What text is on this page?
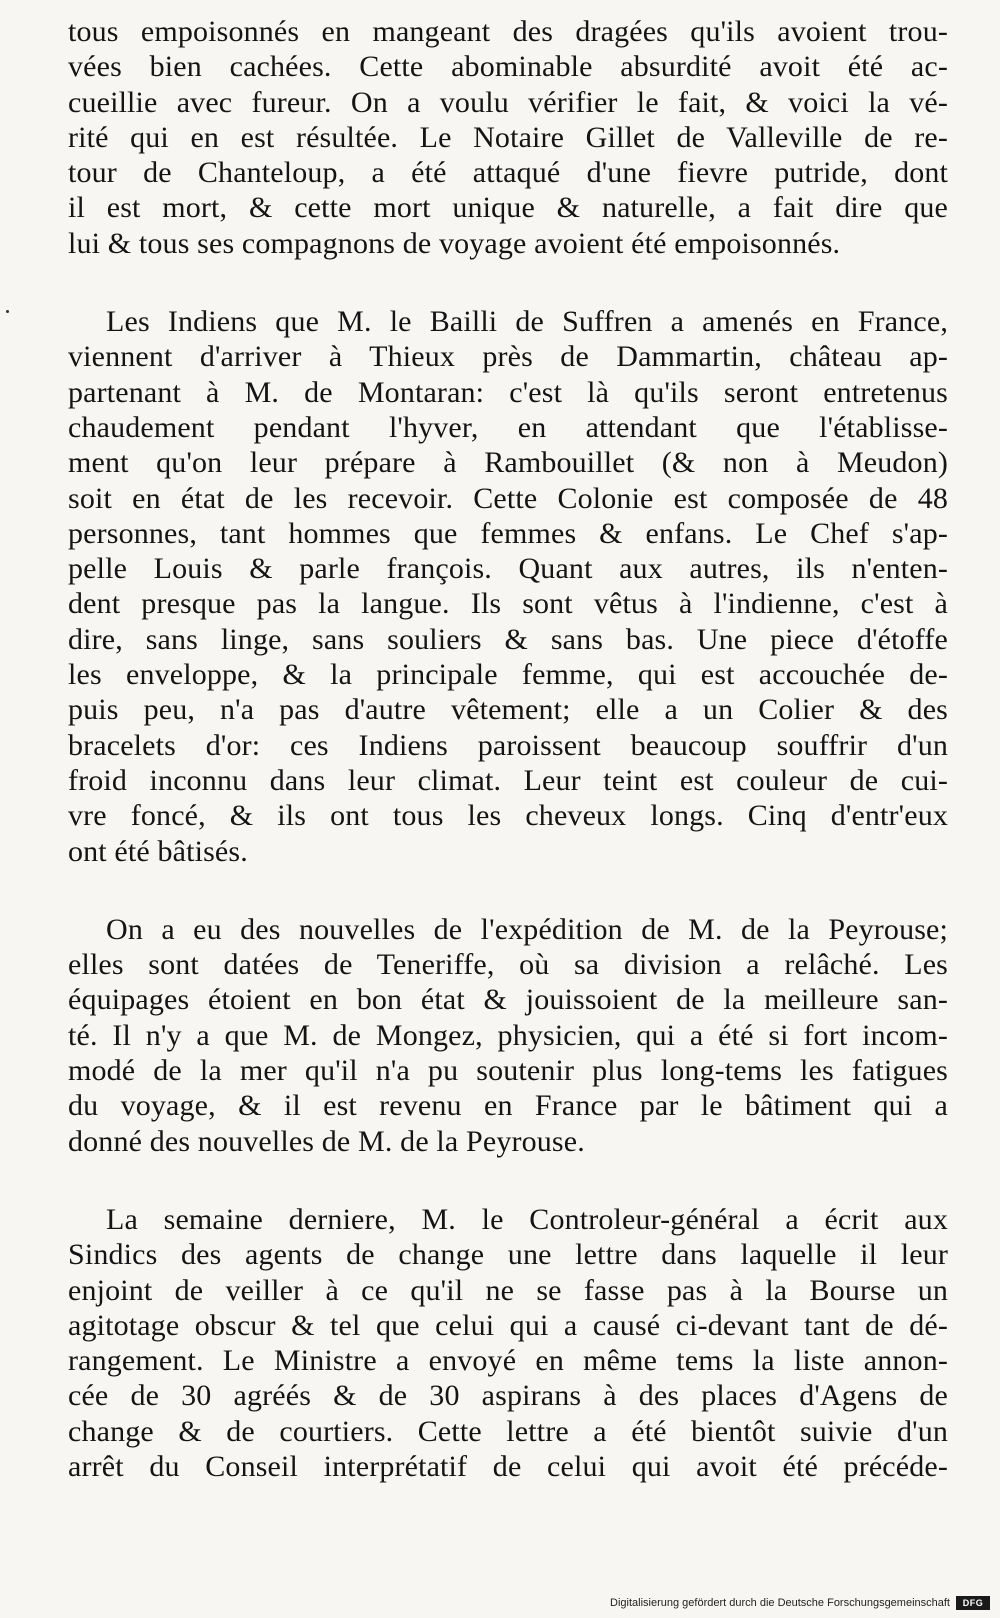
tous empoisonnés en mangeant des dragées qu'ils avoient trou-
vées bien cachées. Cette abominable absurdité avoit été ac-
cueillie avec fureur. On a voulu vérifier le fait, & voici la vé-
rité qui en est résultée. Le Notaire Gillet de Valleville de re-
tour de Chanteloup, a été attaqué d'une fievre putride, dont
il est mort, & cette mort unique & naturelle, a fait dire que
lui & tous ses compagnons de voyage avoient été empoisonnés.
Les Indiens que M. le Bailli de Suffren a amenés en France,
viennent d'arriver à Thieux près de Dammartin, château ap-
partenant à M. de Montaran: c'est là qu'ils seront entretenus
chaudement pendant l'hyver, en attendant que l'établisse-
ment qu'on leur prépare à Rambouillet (& non à Meudon)
soit en état de les recevoir. Cette Colonie est composée de 48
personnes, tant hommes que femmes & enfans. Le Chef s'ap-
pelle Louis & parle françois. Quant aux autres, ils n'enten-
dent presque pas la langue. Ils sont vêtus à l'indienne, c'est à
dire, sans linge, sans souliers & sans bas. Une piece d'étoffe
les enveloppe, & la principale femme, qui est accouchée de-
puis peu, n'a pas d'autre vêtement; elle a un Colier & des
bracelets d'or: ces Indiens paroissent beaucoup souffrir d'un
froid inconnu dans leur climat. Leur teint est couleur de cui-
vre foncé, & ils ont tous les cheveux longs. Cinq d'entr'eux
ont été bâtisés.
On a eu des nouvelles de l'expédition de M. de la Peyrouse;
elles sont datées de Teneriffe, où sa division a relâché. Les
équipages étoient en bon état & jouissoient de la meilleure san-
té. Il n'y a que M. de Mongez, physicien, qui a été si fort incom-
modé de la mer qu'il n'a pu soutenir plus long-tems les fatigues
du voyage, & il est revenu en France par le bâtiment qui a
donné des nouvelles de M. de la Peyrouse.
La semaine derniere, M. le Controleur-général a écrit aux
Sindics des agents de change une lettre dans laquelle il leur
enjoint de veiller à ce qu'il ne se fasse pas à la Bourse un
agitotage obscur & tel que celui qui a causé ci-devant tant de dé-
rangement. Le Ministre a envoyé en même tems la liste annon-
cée de 30 agréés & de 30 aspirans à des places d'Agens de
change & de courtiers. Cette lettre a été bientôt suivie d'un
arrêt du Conseil interprétatif de celui qui avoit été précéde-
Digitalisierung gefördert durch die Deutsche Forschungsgemeinschaft	DFG
